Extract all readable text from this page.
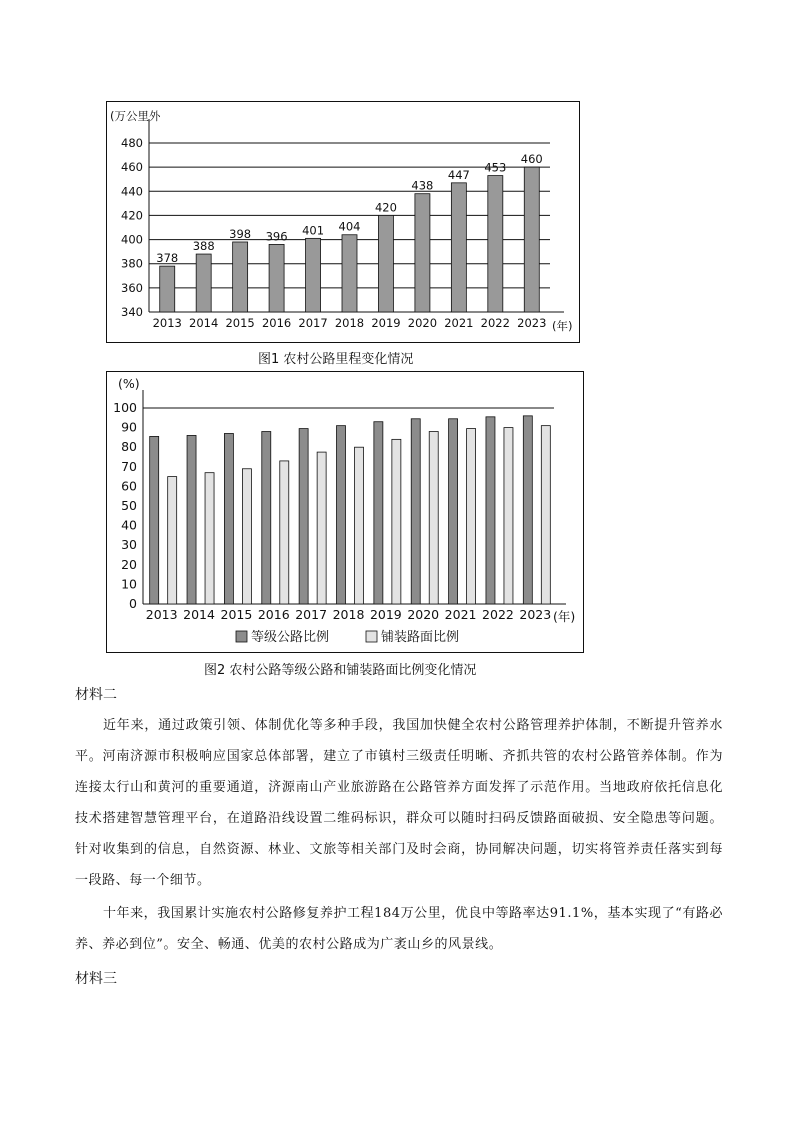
340
360
380
400
420
440
460
480
(万公里外
(年)
378
2013
388
2014
398
2015
396
2016
401
2017
404
2018
420
2019
438
2020
447
2021
453
2022
460
2023
图1 农村公路里程变化情况
0
10
20
30
40
50
60
70
80
90
100
(%)
(年)
2013 2014 2015 2016 2017 2018 2019 2020 2021 2022 2023
等级公路比例	铺装路面比例
图2 农村公路等级公路和铺装路面比例变化情况
材料二
近年来，通过政策引领、体制优化等多种手段，我国加快健全农村公路管理养护体制，不断提升管养水平。河南济源市积极响应国家总体部署，建立了市镇村三级责任明晰、齐抓共管的农村公路管养体制。作为连接太行山和黄河的重要通道，济源南山产业旅游路在公路管养方面发挥了示范作用。当地政府依托信息化技术搭建智慧管理平台，在道路沿线设置二维码标识，群众可以随时扫码反馈路面破损、安全隐患等问题。针对收集到的信息，自然资源、林业、文旅等相关部门及时会商，协同解决问题，切实将管养责任落实到每一段路、每一个细节。
十年来，我国累计实施农村公路修复养护工程184万公里，优良中等路率达91.1%，基本实现了“有路必养、养必到位”。安全、畅通、优美的农村公路成为广袤山乡的风景线。
材料三
